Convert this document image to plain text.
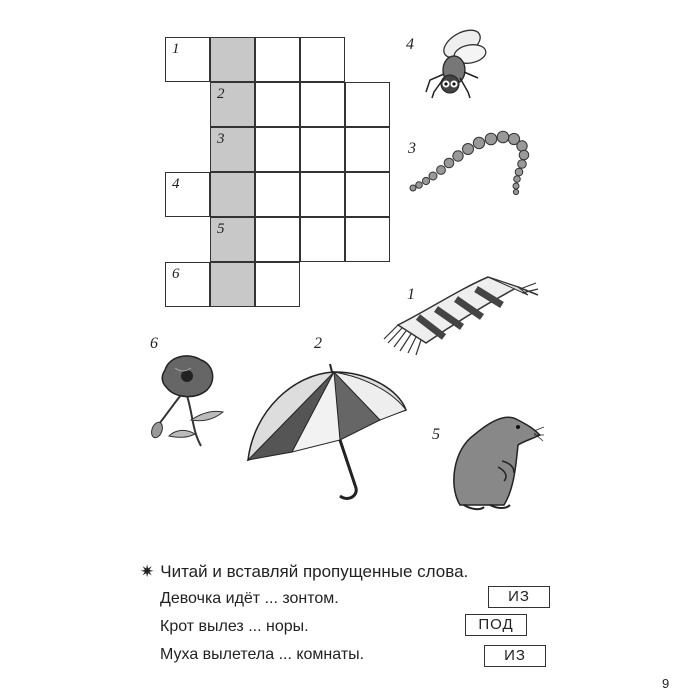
1
2
3
4
5
6
4
3
1
6	2
5
✷ Читай и вставляй пропущенные слова.
Девочка идёт ... зонтом.	ИЗ
Крот вылез ... норы.	ПОД
Муха вылетела ... комнаты.	ИЗ
9
